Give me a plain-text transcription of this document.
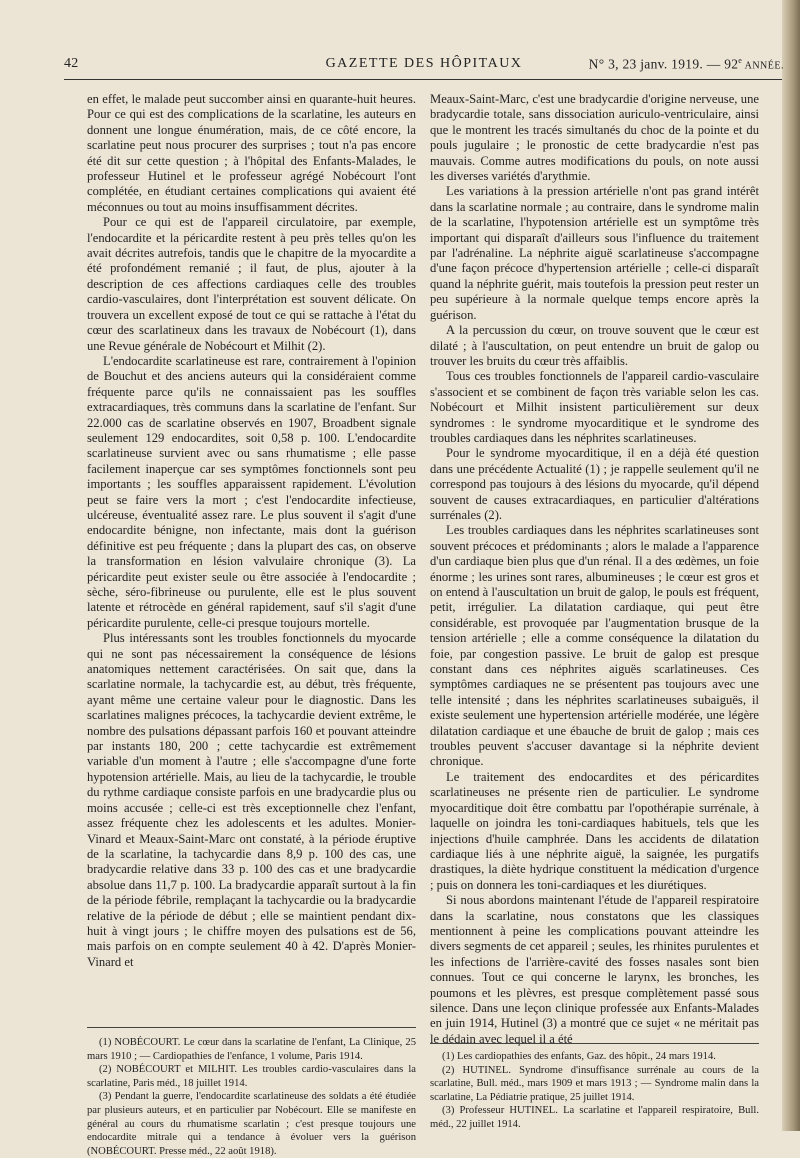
42	GAZETTE DES HÔPITAUX	N° 3, 23 janv. 1919. — 92e ANNÉE.

en effet, le malade peut succomber ainsi en quarante-huit heures. Pour ce qui est des complications de la scarlatine, les auteurs en donnent une longue énumération, mais, de ce côté encore, la scarlatine peut nous procurer des surprises ; tout n'a pas encore été dit sur cette question ; à l'hôpital des Enfants-Malades, le professeur Hutinel et le professeur agrégé Nobécourt l'ont complétée, en étudiant certaines complications qui avaient été méconnues ou tout au moins insuffisamment décrites.

Pour ce qui est de l'appareil circulatoire, par exemple, l'endocardite et la péricardite restent à peu près telles qu'on les avait décrites autrefois, tandis que le chapitre de la myocardite a été profondément remanié ; il faut, de plus, ajouter à la description de ces affections cardiaques celle des troubles cardio-vasculaires, dont l'interprétation est souvent délicate. On trouvera un excellent exposé de tout ce qui se rattache à l'état du cœur des scarlatineux dans les travaux de Nobécourt (1), dans une Revue générale de Nobécourt et Milhit (2).

L'endocardite scarlatineuse est rare, contrairement à l'opinion de Bouchut et des anciens auteurs qui la considéraient comme fréquente parce qu'ils ne connaissaient pas les souffles extracardiaques, très communs dans la scarlatine de l'enfant. Sur 22.000 cas de scarlatine observés en 1907, Broadbent signale seulement 129 endocardites, soit 0,58 p. 100. L'endocardite scarlatineuse survient avec ou sans rhumatisme ; elle passe facilement inaperçue car ses symptômes fonctionnels sont peu importants ; les souffles apparaissent rapidement. L'évolution peut se faire vers la mort ; c'est l'endocardite infectieuse, ulcéreuse, éventualité assez rare. Le plus souvent il s'agit d'une endocardite bénigne, non infectante, mais dont la guérison définitive est peu fréquente ; dans la plupart des cas, on observe la transformation en lésion valvulaire chronique (3). La péricardite peut exister seule ou être associée à l'endocardite ; sèche, séro-fibrineuse ou purulente, elle est le plus souvent latente et rétrocède en général rapidement, sauf s'il s'agit d'une péricardite purulente, celle-ci presque toujours mortelle.

Plus intéressants sont les troubles fonctionnels du myocarde qui ne sont pas nécessairement la conséquence de lésions anatomiques nettement caractérisées. On sait que, dans la scarlatine normale, la tachycardie est, au début, très fréquente, ayant même une certaine valeur pour le diagnostic. Dans les scarlatines malignes précoces, la tachycardie devient extrême, le nombre des pulsations dépassant parfois 160 et pouvant atteindre par instants 180, 200 ; cette tachycardie est extrêmement variable d'un moment à l'autre ; elle s'accompagne d'une forte hypotension artérielle. Mais, au lieu de la tachycardie, le trouble du rythme cardiaque consiste parfois en une bradycardie plus ou moins accusée ; celle-ci est très exceptionnelle chez l'enfant, assez fréquente chez les adolescents et les adultes. Monier-Vinard et Meaux-Saint-Marc ont constaté, à la période éruptive de la scarlatine, la tachycardie dans 8,9 p. 100 des cas, une bradycardie relative dans 33 p. 100 des cas et une bradycardie absolue dans 11,7 p. 100. La bradycardie apparaît surtout à la fin de la période fébrile, remplaçant la tachycardie ou la bradycardie relative de la période de début ; elle se maintient pendant dix-huit à vingt jours ; le chiffre moyen des pulsations est de 56, mais parfois on en compte seulement 40 à 42. D'après Monier-Vinard et

Meaux-Saint-Marc, c'est une bradycardie d'origine nerveuse, une bradycardie totale, sans dissociation auriculo-ventriculaire, ainsi que le montrent les tracés simultanés du choc de la pointe et du pouls jugulaire ; le pronostic de cette bradycardie n'est pas mauvais. Comme autres modifications du pouls, on note aussi les diverses variétés d'arythmie.

Les variations à la pression artérielle n'ont pas grand intérêt dans la scarlatine normale ; au contraire, dans le syndrome malin de la scarlatine, l'hypotension artérielle est un symptôme très important qui disparaît d'ailleurs sous l'influence du traitement par l'adrénaline. La néphrite aiguë scarlatineuse s'accompagne d'une façon précoce d'hypertension artérielle ; celle-ci disparaît quand la néphrite guérit, mais toutefois la pression peut rester un peu supérieure à la normale quelque temps encore après la guérison.

A la percussion du cœur, on trouve souvent que le cœur est dilaté ; à l'auscultation, on peut entendre un bruit de galop ou trouver les bruits du cœur très affaiblis.

Tous ces troubles fonctionnels de l'appareil cardio-vasculaire s'associent et se combinent de façon très variable selon les cas. Nobécourt et Milhit insistent particulièrement sur deux syndromes : le syndrome myocarditique et le syndrome des troubles cardiaques dans les néphrites scarlatineuses.

Pour le syndrome myocarditique, il en a déjà été question dans une précédente Actualité (1) ; je rappelle seulement qu'il ne correspond pas toujours à des lésions du myocarde, qu'il dépend souvent de causes extracardiaques, en particulier d'altérations surrénales (2).

Les troubles cardiaques dans les néphrites scarlatineuses sont souvent précoces et prédominants ; alors le malade a l'apparence d'un cardiaque bien plus que d'un rénal. Il a des œdèmes, un foie énorme ; les urines sont rares, albumineuses ; le cœur est gros et on entend à l'auscultation un bruit de galop, le pouls est fréquent, petit, irrégulier. La dilatation cardiaque, qui peut être considérable, est provoquée par l'augmentation brusque de la tension artérielle ; elle a comme conséquence la dilatation du foie, par congestion passive. Le bruit de galop est presque constant dans ces néphrites aiguës scarlatineuses. Ces symptômes cardiaques ne se présentent pas toujours avec une telle intensité ; dans les néphrites scarlatineuses subaiguës, il existe seulement une hypertension artérielle modérée, une légère dilatation cardiaque et une ébauche de bruit de galop ; mais ces troubles peuvent s'accuser davantage si la néphrite devient chronique.

Le traitement des endocardites et des péricardites scarlatineuses ne présente rien de particulier. Le syndrome myocarditique doit être combattu par l'opothérapie surrénale, à laquelle on joindra les toni-cardiaques habituels, tels que les injections d'huile camphrée. Dans les accidents de dilatation cardiaque liés à une néphrite aiguë, la saignée, les purgatifs drastiques, la diète hydrique constituent la médication d'urgence ; puis on donnera les toni-cardiaques et les diurétiques.

Si nous abordons maintenant l'étude de l'appareil respiratoire dans la scarlatine, nous constatons que les classiques mentionnent à peine les complications pouvant atteindre les divers segments de cet appareil ; seules, les rhinites purulentes et les infections de l'arrière-cavité des fosses nasales sont bien connues. Tout ce qui concerne le larynx, les bronches, les poumons et les plèvres, est presque complètement passé sous silence. Dans une leçon clinique professée aux Enfants-Malades en juin 1914, Hutinel (3) a montré que ce sujet « ne méritait pas le dédain avec lequel il a été

(1) NOBÉCOURT. Le cœur dans la scarlatine de l'enfant, La Clinique, 25 mars 1910 ; — Cardiopathies de l'enfance, 1 volume, Paris 1914.

(2) NOBÉCOURT et MILHIT. Les troubles cardio-vasculaires dans la scarlatine, Paris méd., 18 juillet 1914.

(3) Pendant la guerre, l'endocardite scarlatineuse des soldats a été étudiée par plusieurs auteurs, et en particulier par Nobécourt. Elle se manifeste en général au cours du rhumatisme scarlatin ; c'est presque toujours une endocardite mitrale qui a tendance à évoluer vers la guérison (NOBÉCOURT. Presse méd., 22 août 1918).

(1) Les cardiopathies des enfants, Gaz. des hôpit., 24 mars 1914.

(2) HUTINEL. Syndrome d'insuffisance surrénale au cours de la scarlatine, Bull. méd., mars 1909 et mars 1913 ; — Syndrome malin dans la scarlatine, La Pédiatrie pratique, 25 juillet 1914.

(3) Professeur HUTINEL. La scarlatine et l'appareil respiratoire, Bull. méd., 22 juillet 1914.
